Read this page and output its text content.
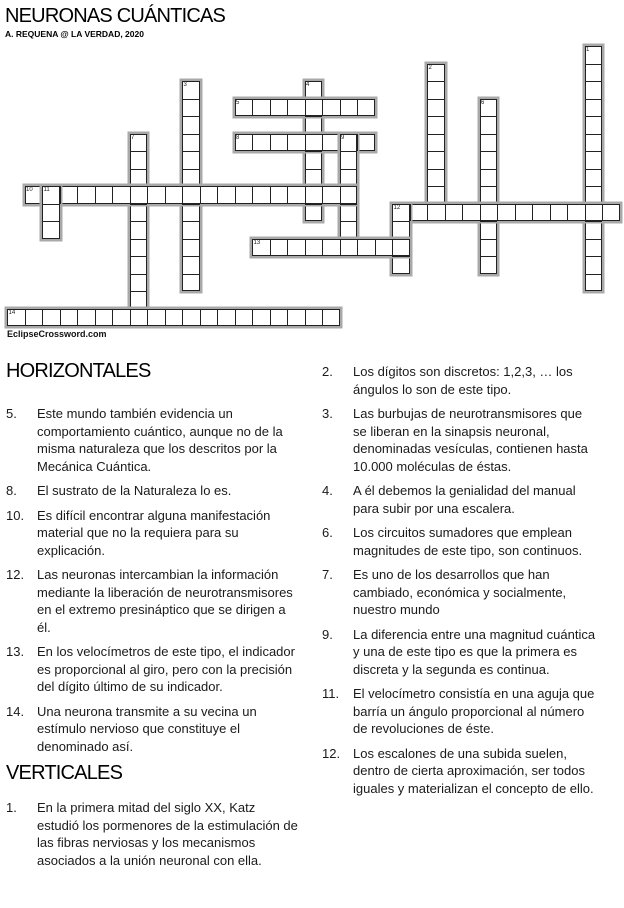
NEURONAS CUÁNTICAS
A. REQUENA @ LA VERDAD, 2020
1
2
3	4
5	6
7	8	9
10 11
12
13
14
EclipseCrossword.com
HORIZONTALES
5.	Este mundo también evidencia un comportamiento cuántico, aunque no de la misma naturaleza que los descritos por la Mecánica Cuántica.
8.	El sustrato de la Naturaleza lo es.
10. Es difícil encontrar alguna manifestación material que no la requiera para su explicación.
12. Las neuronas intercambian la información mediante la liberación de neurotransmisores en el extremo presináptico que se dirigen a él.
13. En los velocímetros de este tipo, el indicador es proporcional al giro, pero con la precisión del dígito último de su indicador.
14. Una neurona transmite a su vecina un estímulo nervioso que constituye el denominado así.
VERTICALES
1.	En la primera mitad del siglo XX, Katz estudió los pormenores de la estimulación de las fibras nerviosas y los mecanismos asociados a la unión neuronal con ella.
2.	Los dígitos son discretos: 1,2,3, … los ángulos lo son de este tipo.
3.	Las burbujas de neurotransmisores que se liberan en la sinapsis neuronal, denominadas vesículas, contienen hasta 10.000 moléculas de éstas.
4.	A él debemos la genialidad del manual para subir por una escalera.
6.	Los circuitos sumadores que emplean magnitudes de este tipo, son continuos.
7.	Es uno de los desarrollos que han cambiado, económica y socialmente, nuestro mundo
9.	La diferencia entre una magnitud cuántica y una de este tipo es que la primera es discreta y la segunda es continua.
11.	El velocímetro consistía en una aguja que barría un ángulo proporcional al número de revoluciones de éste.
12. Los escalones de una subida suelen, dentro de cierta aproximación, ser todos iguales y materializan el concepto de ello.
